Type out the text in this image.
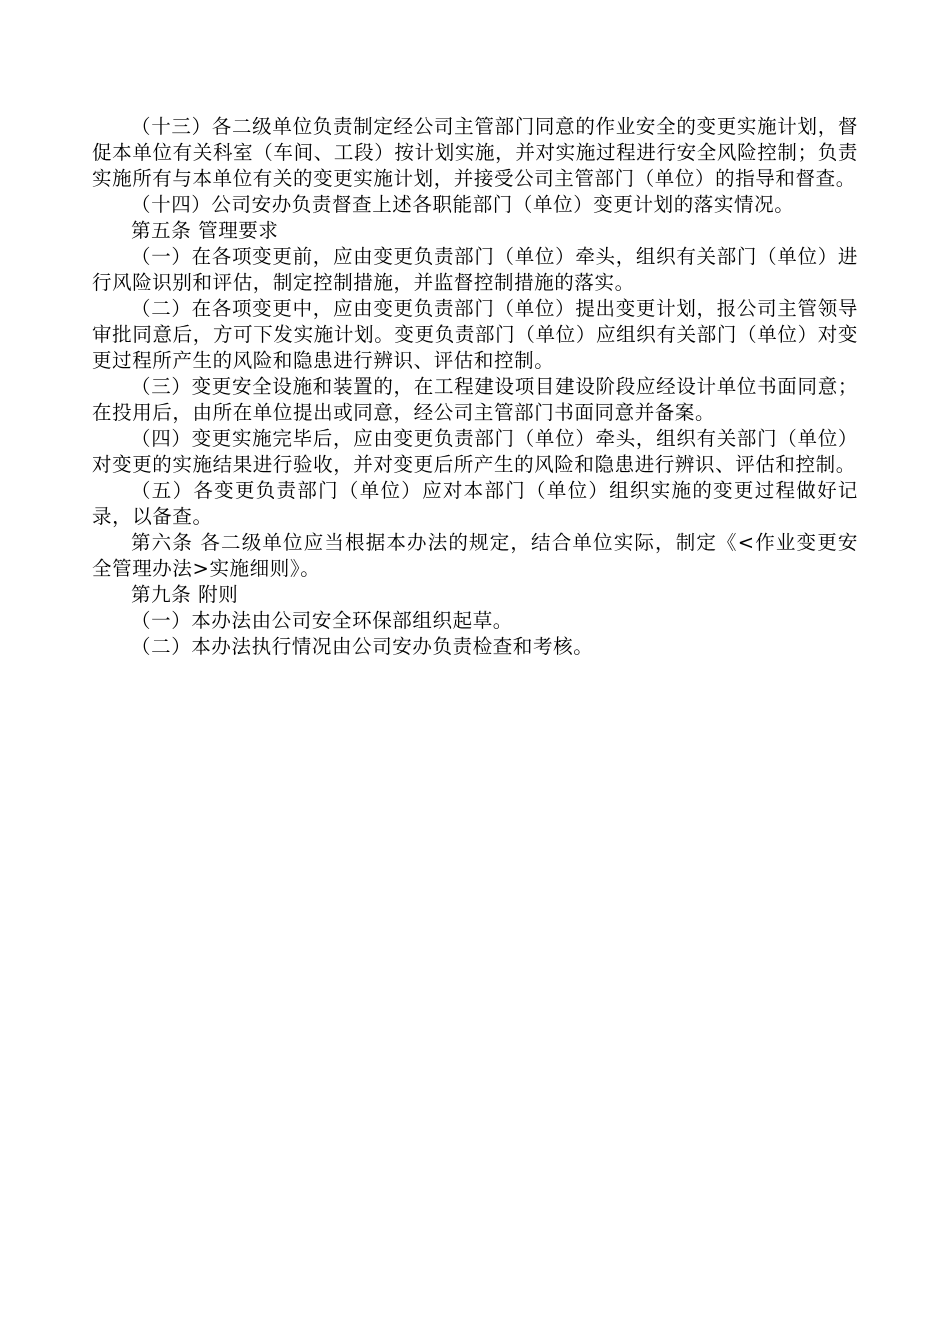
（十三）各二级单位负责制定经公司主管部门同意的作业安全的变更实施计划，督促本单位有关科室（车间、工段）按计划实施，并对实施过程进行安全风险控制；负责实施所有与本单位有关的变更实施计划，并接受公司主管部门（单位）的指导和督查。

（十四）公司安办负责督查上述各职能部门（单位）变更计划的落实情况。

第五条 管理要求

（一）在各项变更前，应由变更负责部门（单位）牵头，组织有关部门（单位）进行风险识别和评估，制定控制措施，并监督控制措施的落实。

（二）在各项变更中，应由变更负责部门（单位）提出变更计划，报公司主管领导审批同意后，方可下发实施计划。变更负责部门（单位）应组织有关部门（单位）对变更过程所产生的风险和隐患进行辨识、评估和控制。

（三）变更安全设施和装置的，在工程建设项目建设阶段应经设计单位书面同意；在投用后，由所在单位提出或同意，经公司主管部门书面同意并备案。

（四）变更实施完毕后，应由变更负责部门（单位）牵头，组织有关部门（单位）对变更的实施结果进行验收，并对变更后所产生的风险和隐患进行辨识、评估和控制。

（五）各变更负责部门（单位）应对本部门（单位）组织实施的变更过程做好记录，以备查。

第六条 各二级单位应当根据本办法的规定，结合单位实际，制定《<作业变更安全管理办法>实施细则》。

第九条 附则

（一）本办法由公司安全环保部组织起草。

（二）本办法执行情况由公司安办负责检查和考核。
